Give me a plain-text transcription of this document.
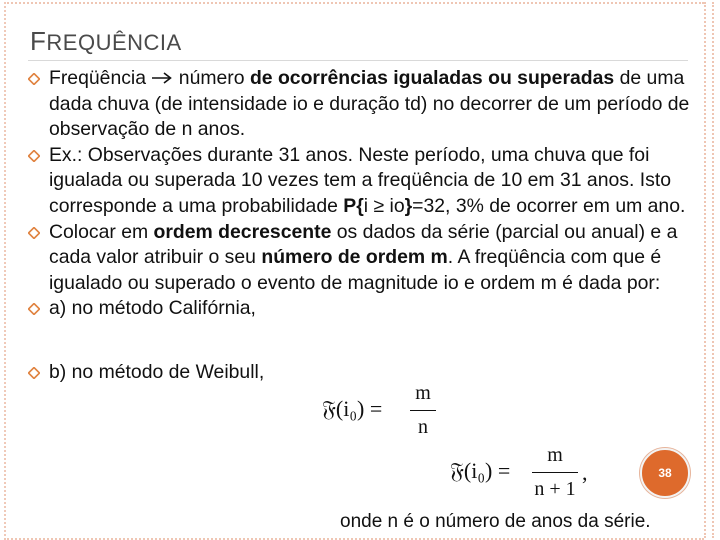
FREQUÊNCIA
Freqüência  número de ocorrências igualadas ou superadas de uma dada chuva (de intensidade io e duração td) no decorrer de um período de observação de n anos.
Ex.: Observações durante 31 anos. Neste período, uma chuva que foi igualada ou superada 10 vezes tem a freqüência de 10 em 31 anos. Isto corresponde a uma probabilidade P{i ≥ io}=32, 3% de ocorrer em um ano.
Colocar em ordem decrescente os dados da série (parcial ou anual) e a cada valor atribuir o seu número de ordem m. A freqüência com que é igualado ou superado o evento de magnitude io e ordem m é dada por:
a) no método Califórnia,
b) no método de Weibull,
𝔉(i₀) =
m
n
𝔉(i₀) =
m
n + 1
,	38
onde n é o número de anos da série.
